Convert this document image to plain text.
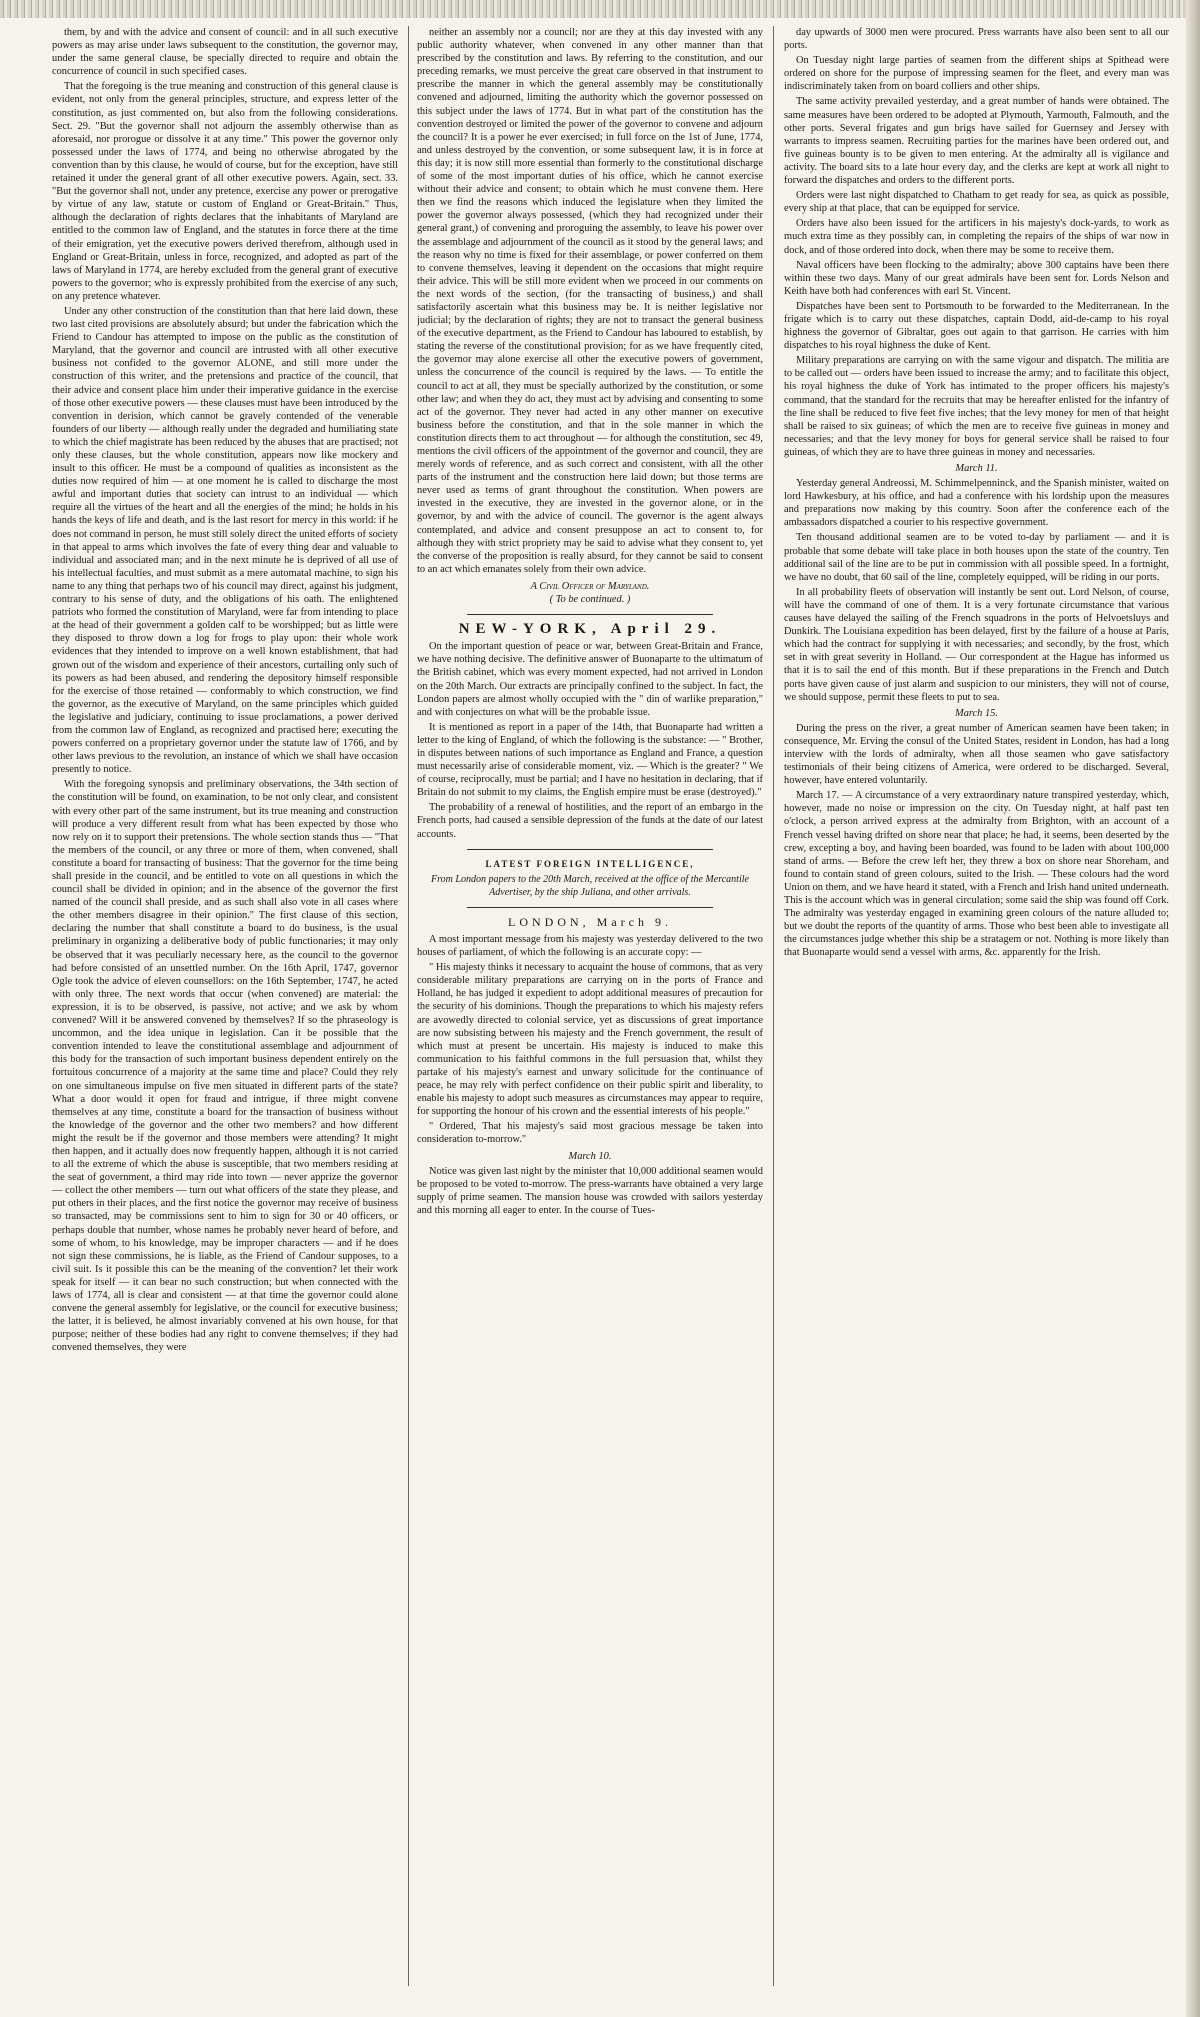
them, by and with the advice and consent of council: and in all such executive powers as may arise under laws subsequent to the constitution, the governor may, under the same general clause, be specially directed to require and obtain the concurrence of council in such specified cases.

That the foregoing is the true meaning and construction of this general clause is evident, not only from the general principles, structure, and express letter of the constitution, as just commented on, but also from the following considerations. Sect. 29. "But the governor shall not adjourn the assembly otherwise than as aforesaid, nor prorogue or dissolve it at any time." This power the governor only possessed under the laws of 1774, and being no otherwise abrogated by the convention than by this clause, he would of course, but for the exception, have still retained it under the general grant of all other executive powers. Again, sect. 33. "But the governor shall not, under any pretence, exercise any power or prerogative by virtue of any law, statute or custom of England or Great-Britain." Thus, although the declaration of rights declares that the inhabitants of Maryland are entitled to the common law of England, and the statutes in force there at the time of their emigration, yet the executive powers derived therefrom, although used in England or Great-Britain, unless in force, recognized, and adopted as part of the laws of Maryland in 1774, are hereby excluded from the general grant of executive powers to the governor; who is expressly prohibited from the exercise of any such, on any pretence whatever.

Under any other construction of the constitution than that here laid down, these two last cited provisions are absolutely absurd; but under the fabrication which the Friend to Candour has attempted to impose on the public as the constitution of Maryland, that the governor and council are intrusted with all other executive business not confided to the governor ALONE, and still more under the construction of this writer, and the pretensions and practice of the council, that their advice and consent place him under their imperative guidance in the exercise of those other executive powers — these clauses must have been introduced by the convention in derision, which cannot be gravely contended of the venerable founders of our liberty — although really under the degraded and humiliating state to which the chief magistrate has been reduced by the abuses that are practised; not only these clauses, but the whole constitution, appears now like mockery and insult to this officer. He must be a compound of qualities as inconsistent as the duties now required of him — at one moment he is called to discharge the most awful and important duties that society can intrust to an individual — which require all the virtues of the heart and all the energies of the mind; he holds in his hands the keys of life and death, and is the last resort for mercy in this world: if he does not command in person, he must still solely direct the united efforts of society in that appeal to arms which involves the fate of every thing dear and valuable to individual and associated man; and in the next minute he is deprived of all use of his intellectual faculties, and must submit as a mere automatal machine, to sign his name to any thing that perhaps two of his council may direct, against his judgment, contrary to his sense of duty, and the obligations of his oath. The enlightened patriots who formed the constitution of Maryland, were far from intending to place at the head of their government a golden calf to be worshipped; but as little were they disposed to throw down a log for frogs to play upon: their whole work evidences that they intended to improve on a well known establishment, that had grown out of the wisdom and experience of their ancestors, curtailing only such of its powers as had been abused, and rendering the depository himself responsible for the exercise of those retained — conformably to which construction, we find the governor, as the executive of Maryland, on the same principles which guided the legislative and judiciary, continuing to issue proclamations, a power derived from the common law of England, as recognized and practised here; executing the powers conferred on a proprietary governor under the statute law of 1766, and by other laws previous to the revolution, an instance of which we shall have occasion presently to notice.

With the foregoing synopsis and preliminary observations, the 34th section of the constitution will be found, on examination, to be not only clear, and consistent with every other part of the same instrument, but its true meaning and construction will produce a very different result from what has been expected by those who now rely on it to support their pretensions. The whole section stands thus — "That the members of the council, or any three or more of them, when convened, shall constitute a board for transacting of business: That the governor for the time being shall preside in the council, and be entitled to vote on all questions in which the council shall be divided in opinion; and in the absence of the governor the first named of the council shall preside, and as such shall also vote in all cases where the other members disagree in their opinion." The first clause of this section, declaring the number that shall constitute a board to do business, is the usual preliminary in organizing a deliberative body of public functionaries; it may only be observed that it was peculiarly necessary here, as the council to the governor had before consisted of an unsettled number. On the 16th April, 1747, governor Ogle took the advice of eleven counsellors: on the 16th September, 1747, he acted with only three. The next words that occur (when convened) are material: the expression, it is to be observed, is passive, not active; and we ask by whom convened? Will it be answered convened by themselves? If so the phraseology is uncommon, and the idea unique in legislation. Can it be possible that the convention intended to leave the constitutional assemblage and adjournment of this body for the transaction of such important business dependent entirely on the fortuitous concurrence of a majority at the same time and place? Could they rely on one simultaneous impulse on five men situated in different parts of the state? What a door would it open for fraud and intrigue, if three might convene themselves at any time, constitute a board for the transaction of business without the knowledge of the governor and the other two members? and how different might the result be if the governor and those members were attending? It might then happen, and it actually does now frequently happen, although it is not carried to all the extreme of which the abuse is susceptible, that two members residing at the seat of government, a third may ride into town — never apprize the governor — collect the other members — turn out what officers of the state they please, and put others in their places, and the first notice the governor may receive of business so transacted, may be commissions sent to him to sign for 30 or 40 officers, or perhaps double that number, whose names he probably never heard of before, and some of whom, to his knowledge, may be improper characters — and if he does not sign these commissions, he is liable, as the Friend of Candour supposes, to a civil suit. Is it possible this can be the meaning of the convention? let their work speak for itself — it can bear no such construction; but when connected with the laws of 1774, all is clear and consistent — at that time the governor could alone convene the general assembly for legislative, or the council for executive business; the latter, it is believed, he almost invariably convened at his own house, for that purpose; neither of these bodies had any right to convene themselves; if they had convened themselves, they were

neither an assembly nor a council; nor are they at this day invested with any public authority whatever, when convened in any other manner than that prescribed by the constitution and laws. By referring to the constitution, and our preceding remarks, we must perceive the great care observed in that instrument to prescribe the manner in which the general assembly may be constitutionally convened and adjourned, limiting the authority which the governor possessed on this subject under the laws of 1774. But in what part of the constitution has the convention destroyed or limited the power of the governor to convene and adjourn the council? It is a power he ever exercised; in full force on the 1st of June, 1774, and unless destroyed by the convention, or some subsequent law, it is in force at this day; it is now still more essential than formerly to the constitutional discharge of some of the most important duties of his office, which he cannot exercise without their advice and consent; to obtain which he must convene them. Here then we find the reasons which induced the legislature when they limited the power the governor always possessed, (which they had recognized under their general grant,) of convening and proroguing the assembly, to leave his power over the assemblage and adjournment of the council as it stood by the general laws; and the reason why no time is fixed for their assemblage, or power conferred on them to convene themselves, leaving it dependent on the occasions that might require their advice. This will be still more evident when we proceed in our comments on the next words of the section, (for the transacting of business,) and shall satisfactorily ascertain what this business may be. It is neither legislative nor judicial; by the declaration of rights; they are not to transact the general business of the executive department, as the Friend to Candour has laboured to establish, by stating the reverse of the constitutional provision; for as we have frequently cited, the governor may alone exercise all other the executive powers of government, unless the concurrence of the council is required by the laws. — To entitle the council to act at all, they must be specially authorized by the constitution, or some other law; and when they do act, they must act by advising and consenting to some act of the governor. They never had acted in any other manner on executive business before the constitution, and that in the sole manner in which the constitution directs them to act throughout — for although the constitution, sec 49, mentions the civil officers of the appointment of the governor and council, they are merely words of reference, and as such correct and consistent, with all the other parts of the instrument and the construction here laid down; but those terms are never used as terms of grant throughout the constitution. When powers are invested in the executive, they are invested in the governor alone, or in the governor, by and with the advice of council. The governor is the agent always contemplated, and advice and consent presuppose an act to consent to, for although they with strict propriety may be said to advise what they consent to, yet the converse of the proposition is really absurd, for they cannot be said to consent to an act which emanates solely from their own advice.

A Civil Officer of Maryland.
( To be continued. )
NEW-YORK, April 29.

On the important question of peace or war, between Great-Britain and France, we have nothing decisive. The definitive answer of Buonaparte to the ultimatum of the British cabinet, which was every moment expected, had not arrived in London on the 20th March. Our extracts are principally confined to the subject. In fact, the London papers are almost wholly occupied with the " din of warlike preparation," and with conjectures on what will be the probable issue.

It is mentioned as report in a paper of the 14th, that Buonaparte had written a letter to the king of England, of which the following is the substance: — " Brother, in disputes between nations of such importance as England and France, a question must necessarily arise of considerable moment, viz. — Which is the greater? " We of course, reciprocally, must be partial; and I have no hesitation in declaring, that if Britain do not submit to my claims, the English empire must be erase (destroyed)."

The probability of a renewal of hostilities, and the report of an embargo in the French ports, had caused a sensible depression of the funds at the date of our latest accounts.

LATEST FOREIGN INTELLIGENCE,
From London papers to the 20th March, received at the office of the Mercantile Advertiser, by the ship Juliana, and other arrivals.
LONDON, March 9.

A most important message from his majesty was yesterday delivered to the two houses of parliament, of which the following is an accurate copy: —

" His majesty thinks it necessary to acquaint the house of commons, that as very considerable military preparations are carrying on in the ports of France and Holland, he has judged it expedient to adopt additional measures of precaution for the security of his dominions. Though the preparations to which his majesty refers are avowedly directed to colonial service, yet as discussions of great importance are now subsisting between his majesty and the French government, the result of which must at present be uncertain. His majesty is induced to make this communication to his faithful commons in the full persuasion that, whilst they partake of his majesty's earnest and unwary solicitude for the continuance of peace, he may rely with perfect confidence on their public spirit and liberality, to enable his majesty to adopt such measures as circumstances may appear to require, for supporting the honour of his crown and the essential interests of his people."

" Ordered, That his majesty's said most gracious message be taken into consideration to-morrow."

March 10.

Notice was given last night by the minister that 10,000 additional seamen would be proposed to be voted to-morrow. The press-warrants have obtained a very large supply of prime seamen. The mansion house was crowded with sailors yesterday and this morning all eager to enter. In the course of Tues-

day upwards of 3000 men were procured. Press warrants have also been sent to all our ports.

On Tuesday night large parties of seamen from the different ships at Spithead were ordered on shore for the purpose of impressing seamen for the fleet, and every man was indiscriminately taken from on board colliers and other ships.

The same activity prevailed yesterday, and a great number of hands were obtained. The same measures have been ordered to be adopted at Plymouth, Yarmouth, Falmouth, and the other ports. Several frigates and gun brigs have sailed for Guernsey and Jersey with warrants to impress seamen. Recruiting parties for the marines have been ordered out, and five guineas bounty is to be given to men entering. At the admiralty all is vigilance and activity. The board sits to a late hour every day, and the clerks are kept at work all night to forward the dispatches and orders to the different ports.

Orders were last night dispatched to Chatham to get ready for sea, as quick as possible, every ship at that place, that can be equipped for service.

Orders have also been issued for the artificers in his majesty's dock-yards, to work as much extra time as they possibly can, in completing the repairs of the ships of war now in dock, and of those ordered into dock, when there may be some to receive them.

Naval officers have been flocking to the admiralty; above 300 captains have been there within these two days. Many of our great admirals have been sent for. Lords Nelson and Keith have both had conferences with earl St. Vincent.

Dispatches have been sent to Portsmouth to be forwarded to the Mediterranean. In the frigate which is to carry out these dispatches, captain Dodd, aid-de-camp to his royal highness the governor of Gibraltar, goes out again to that garrison. He carries with him dispatches to his royal highness the duke of Kent.

Military preparations are carrying on with the same vigour and dispatch. The militia are to be called out — orders have been issued to increase the army; and to facilitate this object, his royal highness the duke of York has intimated to the proper officers his majesty's command, that the standard for the recruits that may be hereafter enlisted for the infantry of the line shall be reduced to five feet five inches; that the levy money for men of that height shall be raised to six guineas; of which the men are to receive five guineas in money and necessaries; and that the levy money for boys for general service shall be raised to four guineas, of which they are to have three guineas in money and necessaries.

March 11.

Yesterday general Andreossi, M. Schimmelpenninck, and the Spanish minister, waited on lord Hawkesbury, at his office, and had a conference with his lordship upon the measures and preparations now making by this country. Soon after the conference each of the ambassadors dispatched a courier to his respective government.

Ten thousand additional seamen are to be voted to-day by parliament — and it is probable that some debate will take place in both houses upon the state of the country. Ten additional sail of the line are to be put in commission with all possible speed. In a fortnight, we have no doubt, that 60 sail of the line, completely equipped, will be riding in our ports.

In all probability fleets of observation will instantly be sent out. Lord Nelson, of course, will have the command of one of them. It is a very fortunate circumstance that various causes have delayed the sailing of the French squadrons in the ports of Helvoetsluys and Dunkirk. The Louisiana expedition has been delayed, first by the failure of a house at Paris, which had the contract for supplying it with necessaries; and secondly, by the frost, which set in with great severity in Holland. — Our correspondent at the Hague has informed us that it is to sail the end of this month. But if these preparations in the French and Dutch ports have given cause of just alarm and suspicion to our ministers, they will not of course, we should suppose, permit these fleets to put to sea.

March 15.

During the press on the river, a great number of American seamen have been taken; in consequence, Mr. Erving the consul of the United States, resident in London, has had a long interview with the lords of admiralty, when all those seamen who gave satisfactory testimonials of their being citizens of America, were ordered to be discharged. Several, however, have entered voluntarily.

March 17. — A circumstance of a very extraordinary nature transpired yesterday, which, however, made no noise or impression on the city. On Tuesday night, at half past ten o'clock, a person arrived express at the admiralty from Brighton, with an account of a French vessel having drifted on shore near that place; he had, it seems, been deserted by the crew, excepting a boy, and having been boarded, was found to be laden with about 100,000 stand of arms. — Before the crew left her, they threw a box on shore near Shoreham, and found to contain stand of green colours, suited to the Irish. — These colours had the word Union on them, and we have heard it stated, with a French and Irish hand united underneath. This is the account which was in general circulation; some said the ship was found off Cork. The admiralty was yesterday engaged in examining green colours of the nature alluded to; but we doubt the reports of the quantity of arms. Those who best been able to investigate all the circumstances judge whether this ship be a stratagem or not. Nothing is more likely than that Buonaparte would send a vessel with arms, &c. apparently for the Irish.
